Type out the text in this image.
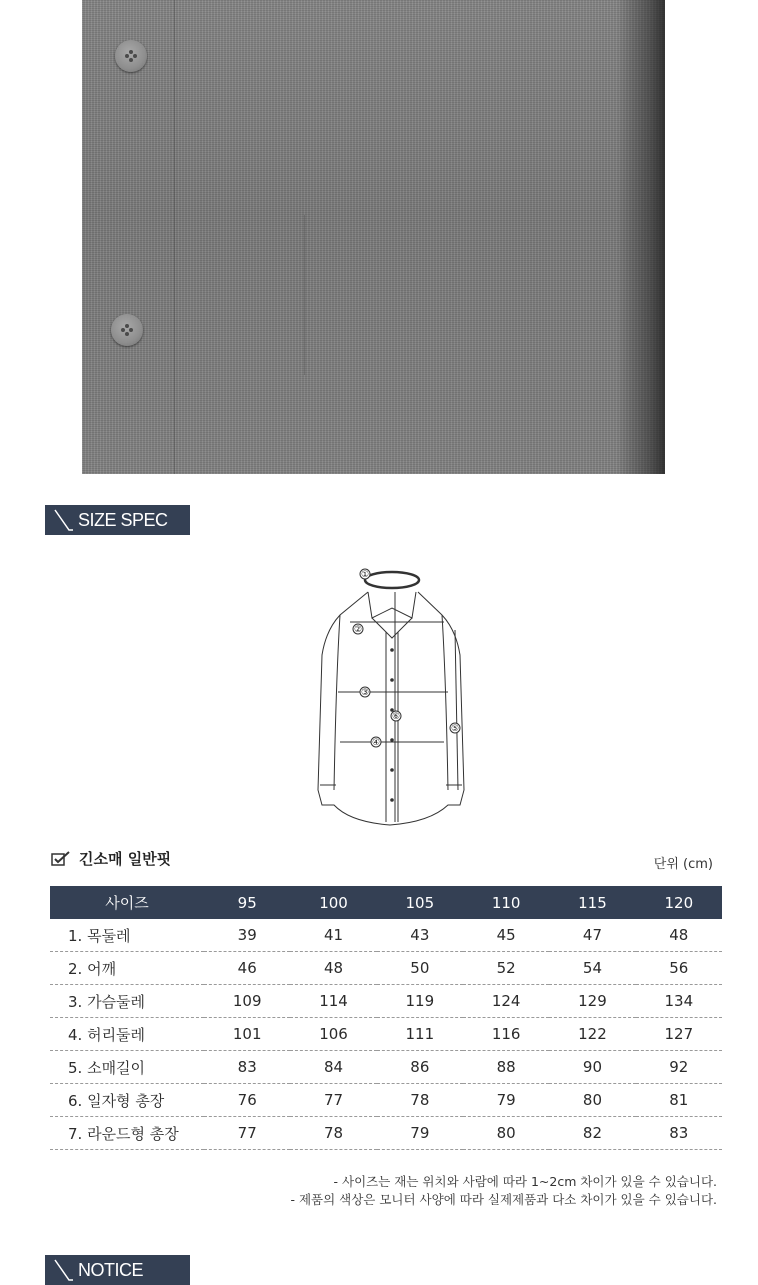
SIZE SPEC
①
②
③
④
⑤
⑥
긴소매 일반핏	단위 (cm)
사이즈	95	100	105	110	115	120
1. 목둘레	39	41	43	45	47	48
2. 어깨	46	48	50	52	54	56
3. 가슴둘레	109	114	119	124	129	134
4. 허리둘레	101	106	111	116	122	127
5. 소매길이	83	84	86	88	90	92
6. 일자형 총장	76	77	78	79	80	81
7. 라운드형 총장	77	78	79	80	82	83
- 사이즈는 재는 위치와 사람에 따라 1~2cm 차이가 있을 수 있습니다.
- 제품의 색상은 모니터 사양에 따라 실제제품과 다소 차이가 있을 수 있습니다.
NOTICE
